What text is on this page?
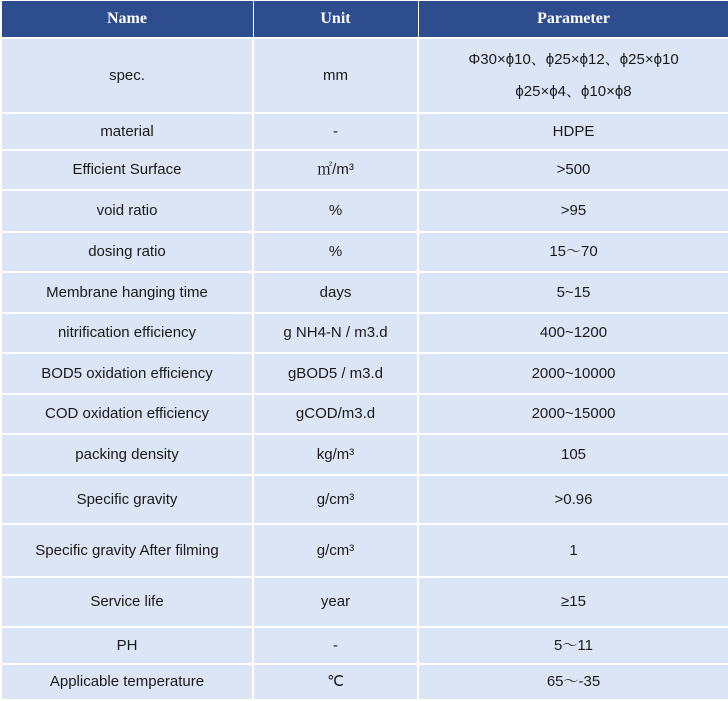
Name	Unit	Parameter
spec.	mm	Φ30×ϕ10、ϕ25×ϕ12、ϕ25×ϕ10
ϕ25×ϕ4、ϕ10×ϕ8

material	-	HDPE
Efficient Surface	㎡/m³	>500
void ratio	%	>95
dosing ratio	%	15～70
Membrane hanging time	days	5~15
nitrification efficiency	g NH4-N / m3.d	400~1200
BOD5 oxidation efficiency	gBOD5 / m3.d	2000~10000
COD oxidation efficiency	gCOD/m3.d	2000~15000
packing density	kg/m³	105
Specific gravity	g/cm³	>0.96
Specific gravity After filming	g/cm³	1
Service life	year	≥15
PH	-	5～11
Applicable temperature	℃	65～-35
